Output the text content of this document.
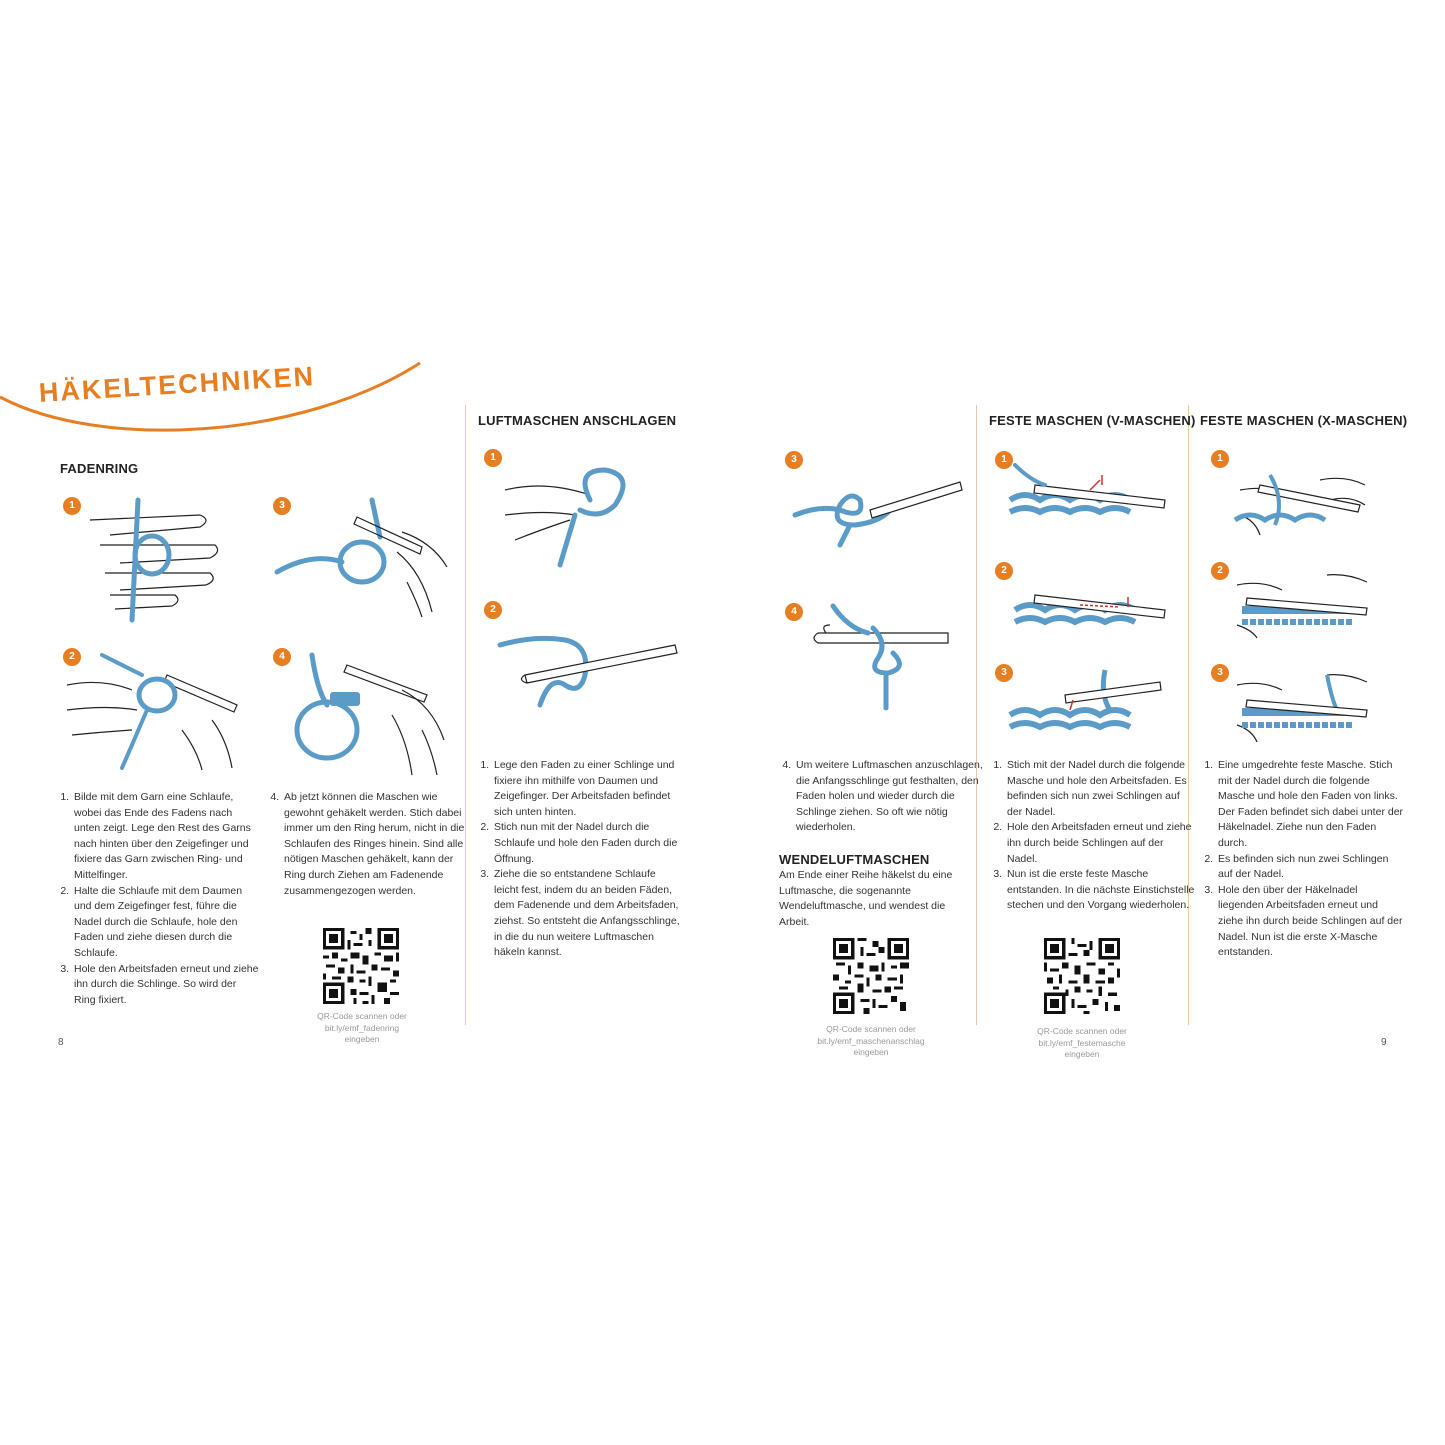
HÄKELTECHNIKEN
FADENRING
1	3
2	4
1. Bilde mit dem Garn eine Schlaufe, wobei das Ende des Fadens nach unten zeigt. Lege den Rest des Garns nach hinten über den Zeigefinger und fixiere das Garn zwischen Ring- und Mittelfinger.
2. Halte die Schlaufe mit dem Daumen und dem Zeigefinger fest, führe die Nadel durch die Schlaufe, hole den Faden und ziehe diesen durch die Schlaufe.
3. Hole den Arbeitsfaden erneut und ziehe ihn durch die Schlinge. So wird der Ring fixiert.
4. Ab jetzt können die Maschen wie gewohnt gehäkelt werden. Stich dabei immer um den Ring herum, nicht in die Schlaufen des Ringes hinein. Sind alle nötigen Maschen gehäkelt, kann der Ring durch Ziehen am Fadenende zusammengezogen werden.
QR-Code scannen oder
bit.ly/emf_fadenring
eingeben
LUFTMASCHEN ANSCHLAGEN
1
2
1. Lege den Faden zu einer Schlinge und fixiere ihn mithilfe von Daumen und Zeigefinger. Der Arbeitsfaden befindet sich unten hinten.
2. Stich nun mit der Nadel durch die Schlaufe und hole den Faden durch die Öffnung.
3. Ziehe die so entstandene Schlaufe leicht fest, indem du an beiden Fäden, dem Fadenende und dem Arbeitsfaden, ziehst. So entsteht die Anfangsschlinge, in die du nun weitere Luftmaschen häkeln kannst.
3
4
4. Um weitere Luftmaschen anzuschlagen, die Anfangsschlinge gut festhalten, den Faden holen und wieder durch die Schlinge ziehen. So oft wie nötig wiederholen.
WENDELUFTMASCHEN
Am Ende einer Reihe häkelst du eine Luftmasche, die sogenannte Wendeluftmasche, und wendest die Arbeit.
QR-Code scannen oder
bit.ly/emf_maschenanschlag
eingeben
FESTE MASCHEN (V-MASCHEN)
1
2
3
1. Stich mit der Nadel durch die folgende Masche und hole den Arbeitsfaden. Es befinden sich nun zwei Schlingen auf der Nadel.
2. Hole den Arbeitsfaden erneut und ziehe ihn durch beide Schlingen auf der Nadel.
3. Nun ist die erste feste Masche entstanden. In die nächste Einstichstelle stechen und den Vorgang wiederholen.
QR-Code scannen oder
bit.ly/emf_festemasche
eingeben
FESTE MASCHEN (X-MASCHEN)
1
2
3
1. Eine umgedrehte feste Masche. Stich mit der Nadel durch die folgende Masche und hole den Faden von links. Der Faden befindet sich dabei unter der Häkelnadel. Ziehe nun den Faden durch.
2. Es befinden sich nun zwei Schlingen auf der Nadel.
3. Hole den über der Häkelnadel liegenden Arbeitsfaden erneut und ziehe ihn durch beide Schlingen auf der Nadel. Nun ist die erste X-Masche entstanden.
8	9
